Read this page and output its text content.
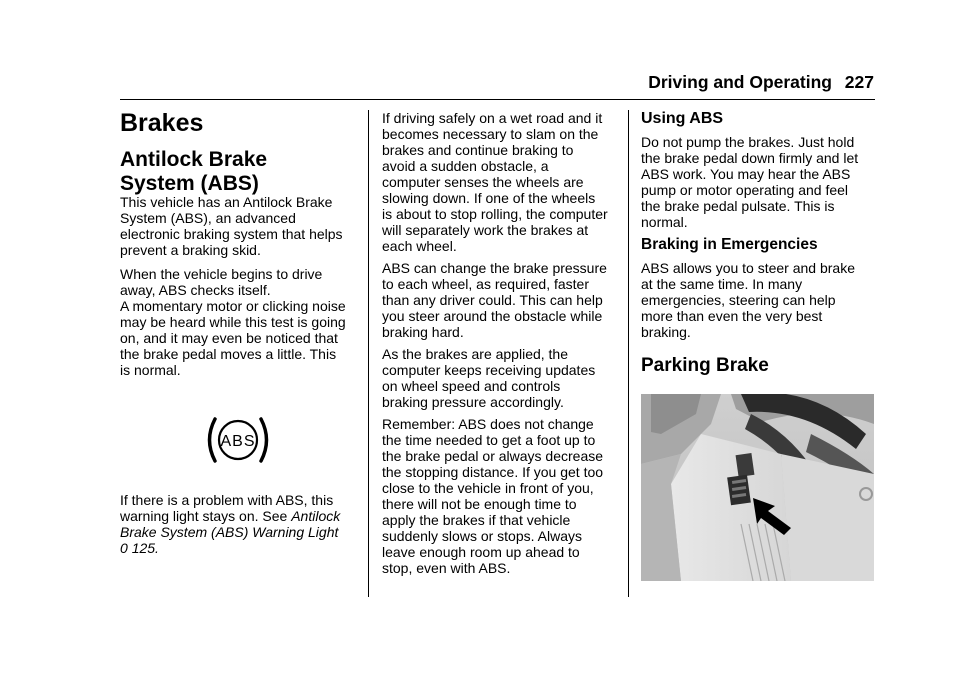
Driving and Operating 227
Brakes
Antilock Brake
System (ABS)

This vehicle has an Antilock Brake

System (ABS), an advanced

electronic braking system that helps

prevent a braking skid.

When the vehicle begins to drive

away, ABS checks itself.

A momentary motor or clicking noise

may be heard while this test is going

on, and it may even be noticed that

the brake pedal moves a little. This

is normal.

ABS

If there is a problem with ABS, this

warning light stays on. See Antilock

Brake System (ABS) Warning Light

0 125.

If driving safely on a wet road and it

becomes necessary to slam on the

brakes and continue braking to

avoid a sudden obstacle, a

computer senses the wheels are

slowing down. If one of the wheels

is about to stop rolling, the computer

will separately work the brakes at

each wheel.

ABS can change the brake pressure

to each wheel, as required, faster

than any driver could. This can help

you steer around the obstacle while

braking hard.

As the brakes are applied, the

computer keeps receiving updates

on wheel speed and controls

braking pressure accordingly.

Remember: ABS does not change

the time needed to get a foot up to

the brake pedal or always decrease

the stopping distance. If you get too

close to the vehicle in front of you,

there will not be enough time to

apply the brakes if that vehicle

suddenly slows or stops. Always

leave enough room up ahead to

stop, even with ABS.

Using ABS

Do not pump the brakes. Just hold

the brake pedal down firmly and let

ABS work. You may hear the ABS

pump or motor operating and feel

the brake pedal pulsate. This is

normal.

Braking in Emergencies

ABS allows you to steer and brake

at the same time. In many

emergencies, steering can help

more than even the very best

braking.

Parking Brake
